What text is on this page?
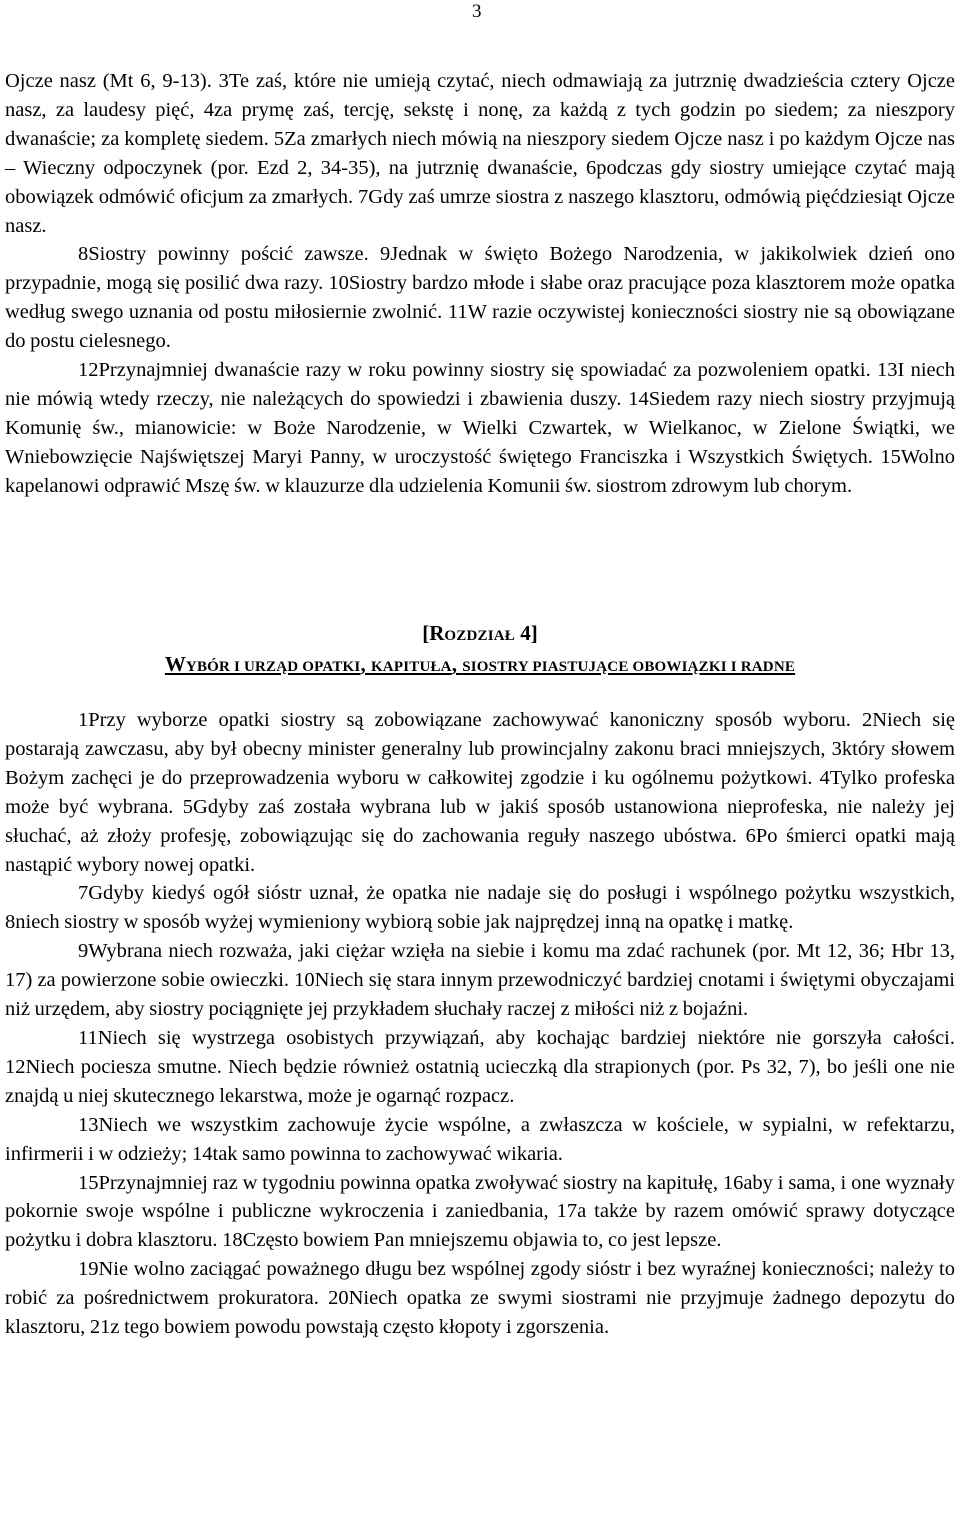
3

Ojcze nasz (Mt 6, 9-13). 3Te zaś, które nie umieją czytać, niech odmawiają za jutrznię dwadzieścia cztery Ojcze nasz, za laudesy pięć, 4za prymę zaś, tercję, sekstę i nonę, za każdą z tych godzin po siedem; za nieszpory dwanaście; za kompletę siedem. 5Za zmarłych niech mówią na nieszpory siedem Ojcze nasz i po każdym Ojcze nas – Wieczny odpoczynek (por. Ezd 2, 34-35), na jutrznię dwanaście, 6podczas gdy siostry umiejące czytać mają obowiązek odmówić oficjum za zmarłych. 7Gdy zaś umrze siostra z naszego klasztoru, odmówią pięćdziesiąt Ojcze nasz.

8Siostry powinny pościć zawsze. 9Jednak w święto Bożego Narodzenia, w jakikolwiek dzień ono przypadnie, mogą się posilić dwa razy. 10Siostry bardzo młode i słabe oraz pracujące poza klasztorem może opatka według swego uznania od postu miłosiernie zwolnić. 11W razie oczywistej konieczności siostry nie są obowiązane do postu cielesnego.

12Przynajmniej dwanaście razy w roku powinny siostry się spowiadać za pozwoleniem opatki. 13I niech nie mówią wtedy rzeczy, nie należących do spowiedzi i zbawienia duszy. 14Siedem razy niech siostry przyjmują Komunię św., mianowicie: w Boże Narodzenie, w Wielki Czwartek, w Wielkanoc, w Zielone Świątki, we Wniebowzięcie Najświętszej Maryi Panny, w uroczystość świętego Franciszka i Wszystkich Świętych. 15Wolno kapelanowi odprawić Mszę św. w klauzurze dla udzielenia Komunii św. siostrom zdrowym lub chorym.

[ROZDZIAŁ 4]
WYBÓR I URZĄD OPATKI, KAPITUŁA, SIOSTRY PIASTUJĄCE OBOWIĄZKI I RADNE

1Przy wyborze opatki siostry są zobowiązane zachowywać kanoniczny sposób wyboru. 2Niech się postarają zawczasu, aby był obecny minister generalny lub prowincjalny zakonu braci mniejszych, 3który słowem Bożym zachęci je do przeprowadzenia wyboru w całkowitej zgodzie i ku ogólnemu pożytkowi. 4Tylko profeska może być wybrana. 5Gdyby zaś została wybrana lub w jakiś sposób ustanowiona nieprofeska, nie należy jej słuchać, aż złoży profesję, zobowiązując się do zachowania reguły naszego ubóstwa. 6Po śmierci opatki mają nastąpić wybory nowej opatki.

7Gdyby kiedyś ogół sióstr uznał, że opatka nie nadaje się do posługi i wspólnego pożytku wszystkich, 8niech siostry w sposób wyżej wymieniony wybiorą sobie jak najprędzej inną na opatkę i matkę.

9Wybrana niech rozważa, jaki ciężar wzięła na siebie i komu ma zdać rachunek (por. Mt 12, 36; Hbr 13, 17) za powierzone sobie owieczki. 10Niech się stara innym przewodniczyć bardziej cnotami i świętymi obyczajami niż urzędem, aby siostry pociągnięte jej przykładem słuchały raczej z miłości niż z bojaźni.

11Niech się wystrzega osobistych przywiązań, aby kochając bardziej niektóre nie gorszyła całości. 12Niech pociesza smutne. Niech będzie również ostatnią ucieczką dla strapionych (por. Ps 32, 7), bo jeśli one nie znajdą u niej skutecznego lekarstwa, może je ogarnąć rozpacz.

13Niech we wszystkim zachowuje życie wspólne, a zwłaszcza w kościele, w sypialni, w refektarzu, infirmerii i w odzieży; 14tak samo powinna to zachowywać wikaria.

15Przynajmniej raz w tygodniu powinna opatka zwoływać siostry na kapitułę, 16aby i sama, i one wyznały pokornie swoje wspólne i publiczne wykroczenia i zaniedbania, 17a także by razem omówić sprawy dotyczące pożytku i dobra klasztoru. 18Często bowiem Pan mniejszemu objawia to, co jest lepsze.

19Nie wolno zaciągać poważnego długu bez wspólnej zgody sióstr i bez wyraźnej konieczności; należy to robić za pośrednictwem prokuratora. 20Niech opatka ze swymi siostrami nie przyjmuje żadnego depozytu do klasztoru, 21z tego bowiem powodu powstają często kłopoty i zgorszenia.
